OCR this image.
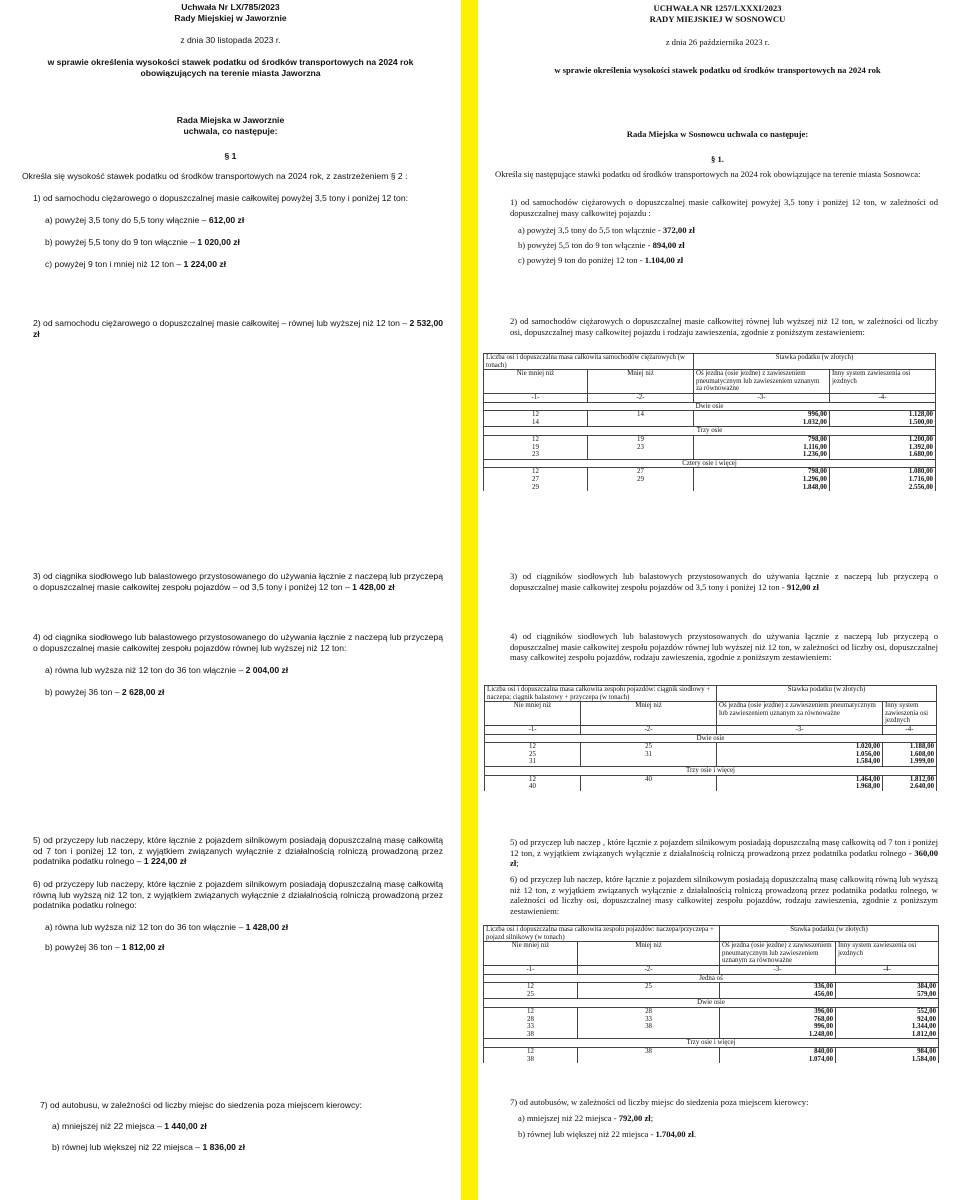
Uchwała Nr LX/785/2023
Rady Miejskiej w Jaworznie
z dnia 30 listopada 2023 r.
w sprawie określenia wysokości stawek podatku od środków transportowych na 2024 rok
obowiązujących na terenie miasta Jaworzna
Rada Miejska w Jaworznie
uchwala, co następuje:
§ 1
Określa się wysokość stawek podatku od środków transportowych na 2024 rok, z zastrzeżeniem § 2 :
1) od samochodu ciężarowego o dopuszczalnej masie całkowitej powyżej 3,5 tony i poniżej 12 ton:
a) powyżej 3,5 tony do 5,5 tony włącznie – 612,00 zł
b) powyżej 5,5 tony do 9 ton włącznie – 1 020,00 zł
c) powyżej 9 ton i mniej niż 12 ton – 1 224,00 zł
2) od samochodu ciężarowego o dopuszczalnej masie całkowitej – równej lub wyższej niż 12 ton – 2 532,00 zł
3) od ciągnika siodłowego lub balastowego przystosowanego do używania łącznie z naczepą lub przyczepą o dopuszczalnej masie całkowitej zespołu pojazdów – od 3,5 tony i poniżej 12 ton – 1 428,00 zł
4) od ciągnika siodłowego lub balastowego przystosowanego do używania łącznie z naczepą lub przyczepą o dopuszczalnej masie całkowitej zespołu pojazdów równej lub wyższej niż 12 ton:
a) równa lub wyższa niż 12 ton do 36 ton włącznie – 2 004,00 zł
b) powyżej 36 ton – 2 628,00 zł
5) od przyczepy lub naczepy, które łącznie z pojazdem silnikowym posiadają dopuszczalną masę całkowitą od 7 ton i poniżej 12 ton, z wyjątkiem związanych wyłącznie z działalnością rolniczą prowadzoną przez podatnika podatku rolnego – 1 224,00 zł
6) od przyczepy lub naczepy, które łącznie z pojazdem silnikowym posiadają dopuszczalną masę całkowitą równą lub wyższą niż 12 ton, z wyjątkiem związanych wyłącznie z działalnością rolniczą prowadzoną przez podatnika podatku rolnego:
a) równa lub wyższa niż 12 ton do 36 ton włącznie – 1 428,00 zł
b) powyżej 36 ton – 1 812,00 zł
7) od autobusu, w zależności od liczby miejsc do siedzenia poza miejscem kierowcy:
a) mniejszej niż 22 miejsca – 1 440,00 zł
b) równej lub większej niż 22 miejsca – 1 836,00 zł
UCHWAŁA NR 1257/LXXXI/2023
RADY MIEJSKIEJ W SOSNOWCU
z dnia 26 października 2023 r.
w sprawie określenia wysokości stawek podatku od środków transportowych na 2024 rok
Rada Miejska w Sosnowcu uchwala co następuje:
§ 1.
Określa się następujące stawki podatku od środków transportowych na 2024 rok obowiązujące na terenie miasta Sosnowca:
1) od samochodów ciężarowych o dopuszczalnej masie całkowitej powyżej 3,5 tony i poniżej 12 ton, w zależności od dopuszczalnej masy całkowitej pojazdu :
a) powyżej 3,5 tony do 5,5 ton włącznie - 372,00 zł
b) powyżej 5,5 ton do 9 ton włącznie - 894,00 zł
c) powyżej 9 ton do poniżej 12 ton - 1.104,00 zł
2) od samochodów ciężarowych o dopuszczalnej masie całkowitej równej lub wyższej niż 12 ton, w zależności od liczby osi, dopuszczalnej masy całkowitej pojazdu i rodzaju zawieszenia, zgodnie z poniższym zestawieniem:
Liczba osi i dopuszczalna masa całkowita samochodów ciężarowych (w tonach)		Stawka podatku (w złotych)	
Nie mniej niż	Mniej niż	Oś jezdna (osie jezdne) z zawieszeniem pneumatycznym lub zawieszeniem uznanym za równoważne	Inny system zawieszenia osi jezdnych
-1-	-2-	-3-	-4-
Dwie osie			
12	14	996,00	1.128,00
14		1.032,00	1.500,00
Trzy osie			
12	19	798,00	1.200,00
19	23	1.116,00	1.392,00
23		1.236,00	1.680,00
Cztery osie i więcej			
12	27	798,00	1.080,00
27	29	1.296,00	1.716,00
29		1.848,00	2.556,00
3) od ciągników siodłowych lub balastowych przystosowanych do używania łącznie z naczepą lub przyczepą o dopuszczalnej masie całkowitej zespołu pojazdów od 3,5 tony i poniżej 12 ton - 912,00 zł
4) od ciągników siodłowych lub balastowych przystosowanych do używania łącznie z naczepą lub przyczepą o dopuszczalnej masie całkowitej zespołu pojazdów równej lub wyższej niż 12 ton, w zależności od liczby osi, dopuszczalnej masy całkowitej zespołu pojazdów, rodzaju zawieszenia, zgodnie z poniższym zestawieniem:
Liczba osi i dopuszczalna masa całkowita zespołu pojazdów: ciągnik siodłowy + naczepa; ciągnik balastowy + przyczepa (w tonach)		Stawka podatku (w złotych)	
Nie mniej niż	Mniej niż	Oś jezdna (osie jezdne) z zawieszeniem pneumatycznym lub zawieszeniem uznanym za równoważne	Inny system zawieszenia osi jezdnych
-1-	-2-	-3-	-4-
Dwie osie			
12	25	1.020,00	1.188,00
25	31	1.056,00	1.608,00
31		1.584,00	1.999,00
Trzy osie i więcej			
12	40	1.464,00	1.812,00
40		1.968,00	2.640,00
5) od przyczep lub naczep , które łącznie z pojazdem silnikowym posiadają dopuszczalną masę całkowitą od 7 ton i poniżej 12 ton, z wyjątkiem związanych wyłącznie z działalnością rolniczą prowadzoną przez podatnika podatku rolnego - 360,00 zł;
6) od przyczep lub naczep, które łącznie z pojazdem silnikowym posiadają dopuszczalną masę całkowitą równą lub wyższą niż 12 ton, z wyjątkiem związanych wyłącznie z działalnością rolniczą prowadzoną przez podatnika podatku rolnego, w zależności od liczby osi, dopuszczalnej masy całkowitej zespołu pojazdów, rodzaju zawieszenia, zgodnie z poniższym zestawieniem:
Liczba osi i dopuszczalna masa całkowita zespołu pojazdów: naczepa/przyczepa + pojazd silnikowy (w tonach)		Stawka podatku (w złotych)	
Nie mniej niż	Mniej niż	Oś jezdna (osie jezdne) z zawieszeniem pneumatycznym lub zawieszeniem uznanym za równoważne	Inny system zawieszenia osi jezdnych
-1-	-2-	-3-	-4-
Jedna oś			
12	25	336,00	384,00
25		456,00	579,00
Dwie osie			
12	28	396,00	552,00
28	33	768,00	924,00
33	38	996,00	1.344,00
38		1.248,00	1.812,00
Trzy osie i więcej			
12	38	840,00	984,00
38		1.074,00	1.584,00
7) od autobusów, w zależności od liczby miejsc do siedzenia poza miejscem kierowcy:
a) mniejszej niż 22 miejsca - 792,00 zł;
b) równej lub większej niż 22 miejsca - 1.704,00 zł.
